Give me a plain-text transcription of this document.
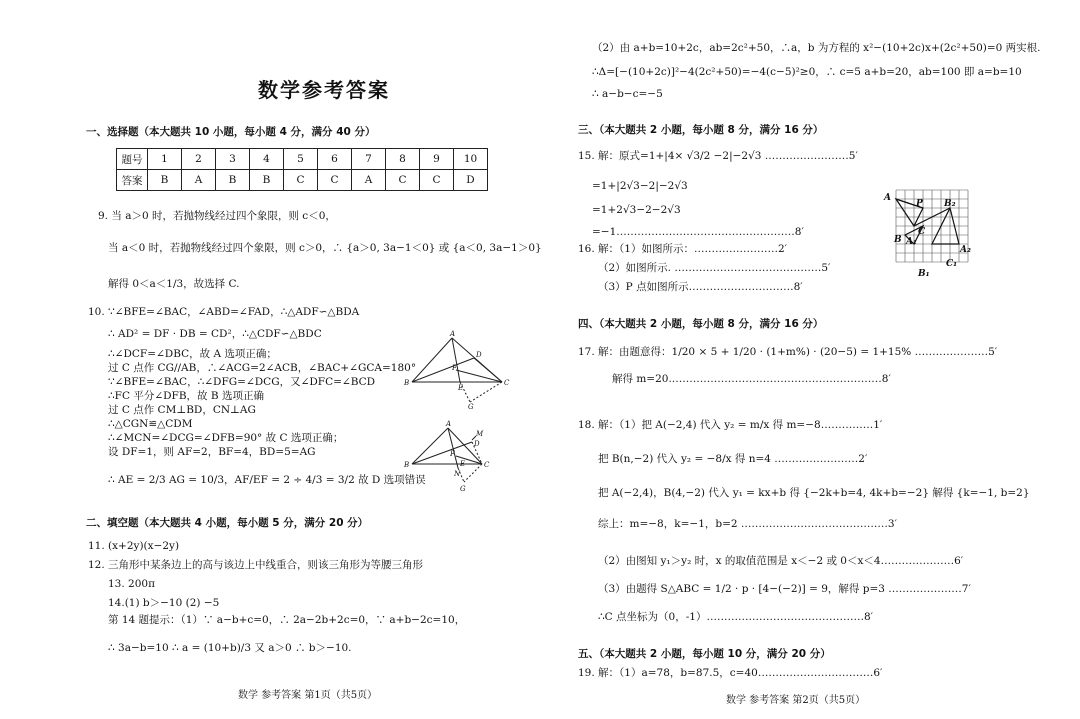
数学参考答案
一、选择题（本大题共 10 小题，每小题 4 分，满分 40 分）
题号	1	2	3	4	5	6	7	8	9	10
答案	B	A	B	B	C	C	A	C	C	D
9. 当 a＞0 时，若抛物线经过四个象限，则 c＜0，
当 a＜0 时，若抛物线经过四个象限，则 c＞0，∴ {a＞0, 3a−1＜0} 或 {a＜0, 3a−1＞0}
解得 0＜a＜1/3，故选择 C.
10. ∵∠BFE=∠BAC，∠ABD=∠FAD，∴△ADF∽△BDA
∴ AD² = DF · DB = CD²，∴△CDF∽△BDC
∴∠DCF=∠DBC，故 A 选项正确；
过 C 点作 CG//AB，∴∠ACG=2∠ACB，∠BAC+∠GCA=180°
∵∠BFE=∠BAC，∴∠DFG=∠DCG，又∠DFC=∠BCD
∴FC 平分∠DFB，故 B 选项正确
过 C 点作 CM⊥BD，CN⊥AG
∴△CGN≌△CDM
∴∠MCN=∠DCG=∠DFB=90° 故 C 选项正确；
设 DF=1，则 AF=2，BF=4，BD=5=AG
∴ AE = 2/3 AG = 10/3，AF/EF = 2 ÷ 4/3 = 3/2 故 D 选项错误
A
D
F
E
B	C
G
A
M
D
F
N
E
B	C
G
二、填空题（本大题共 4 小题，每小题 5 分，满分 20 分）
11. (x+2y)(x−2y)
12. 三角形中某条边上的高与该边上中线重合，则该三角形为等腰三角形
13. 200π
14.(1) b＞−10 (2) −5
第 14 题提示：（1）∵ a−b+c=0，∴ 2a−2b+2c=0，∵ a+b−2c=10，
∴ 3a−b=10 ∴ a = (10+b)/3 又 a＞0 ∴ b＞−10.
数学 参考答案 第1页（共5页）
（2）由 a+b=10+2c，ab=2c²+50，∴a，b 为方程的 x²−(10+2c)x+(2c²+50)=0 两实根.
∴Δ=[−(10+2c)]²−4(2c²+50)=−4(c−5)²≥0，∴ c=5 a+b=20，ab=100 即 a=b=10
∴ a−b−c=−5
三、（本大题共 2 小题，每小题 8 分，满分 16 分）
15. 解：原式=1+|4× √3/2 −2|−2√3 ……………………5′
=1+|2√3−2|−2√3
=1+2√3−2−2√3
=−1……………………………………………8′
16. 解：（1）如图所示：……………………2′
（2）如图所示. ……………………………………5′
（3）P 点如图所示…………………………8′
A
P B₂
B A₁
C
A₂
C₁
B₁
四、（本大题共 2 小题，每小题 8 分，满分 16 分）
17. 解：由题意得：1/20 × 5 + 1/20 · (1+m%) · (20−5) = 1+15% …………………5′
解得 m=20.……………………………………………………8′
18. 解：（1）把 A(−2,4) 代入 y₂ = m/x 得 m=−8……………1′
把 B(n,−2) 代入 y₂ = −8/x 得 n=4 ……………………2′
把 A(−2,4)，B(4,−2) 代入 y₁ = kx+b 得 {−2k+b=4, 4k+b=−2} 解得 {k=−1, b=2}
综上：m=−8，k=−1，b=2 ……………………………………3′
（2）由图知 y₁＞y₂ 时，x 的取值范围是 x＜−2 或 0＜x＜4…………………6′
（3）由题得 S△ABC = 1/2 · p · [4−(−2)] = 9，解得 p=3 …………………7′
∴C 点坐标为（0，-1）………………………………………8′
五、（本大题共 2 小题，每小题 10 分，满分 20 分）
19. 解：（1）a=78，b=87.5，c=40……………………………6′
数学 参考答案 第2页（共5页）
